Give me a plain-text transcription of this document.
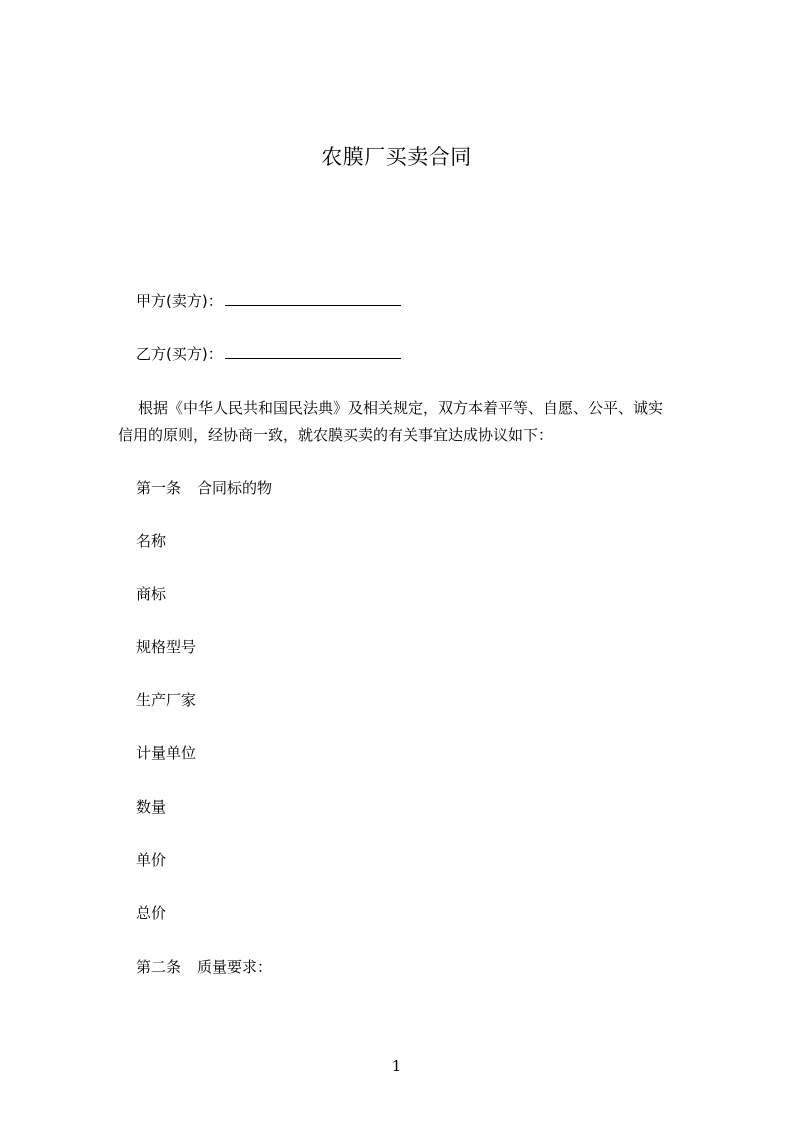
农膜厂买卖合同
甲方(卖方)：
乙方(买方)：
根据《中华人民共和国民法典》及相关规定，双方本着平等、自愿、公平、诚实
信用的原则，经协商一致，就农膜买卖的有关事宜达成协议如下：
第一条 合同标的物
名称
商标
规格型号
生产厂家
计量单位
数量
单价
总价
第二条 质量要求：
1
